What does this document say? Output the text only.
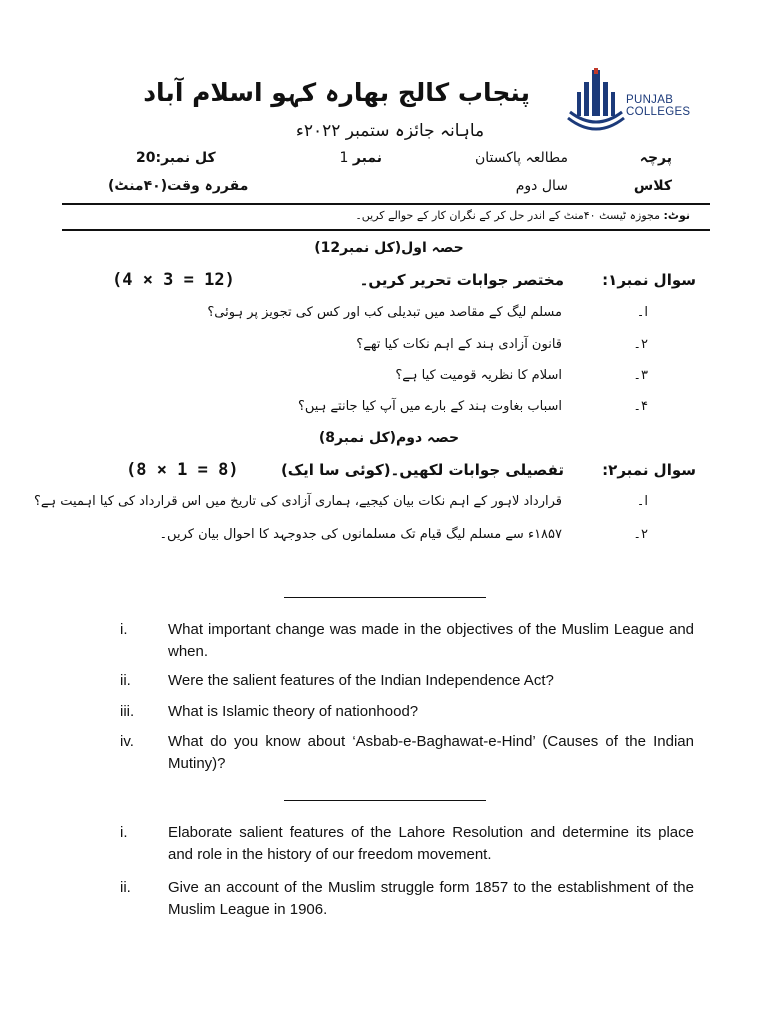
پنجاب کالج بھارہ کہو اسلام آباد
ماہانہ جائزہ ستمبر ۲۰۲۲ء
PUNJAB
COLLEGES
پرچہ
مطالعہ پاکستان
نمبر 1
کل نمبر:20
کلاس
سال دوم
مقررہ وقت(۴۰منٹ)
نوٹ: مجوزہ ٹیسٹ ۴۰منٹ کے اندر حل کر کے نگران کار کے حوالے کریں۔
حصہ اول(کل نمبر12)
سوال نمبر۱:
مختصر جوابات تحریر کریں۔
(4 × 3 = 12)
ا۔
مسلم لیگ کے مقاصد میں تبدیلی کب اور کس کی تجویز پر ہوئی؟
۲۔
قانون آزادی ہند کے اہم نکات کیا تھے؟
۳۔
اسلام کا نظریہ قومیت کیا ہے؟
۴۔
اسباب بغاوت ہند کے بارے میں آپ کیا جانتے ہیں؟
حصہ دوم(کل نمبر8)
سوال نمبر۲:
تفصیلی جوابات لکھیں۔(کوئی سا ایک)
(8 × 1 = 8)
ا۔
قرارداد لاہور کے اہم نکات بیان کیجیے، ہماری آزادی کی تاریخ میں اس قرارداد کی کیا اہمیت ہے؟
۲۔
۱۸۵۷ء سے مسلم لیگ قیام تک مسلمانوں کی جدوجہد کا احوال بیان کریں۔
i.	What important change was made in the objectives of the Muslim League and when.
ii.	Were the salient features of the Indian Independence Act?
iii.	What is Islamic theory of nationhood?
iv.	What do you know about ‘Asbab-e-Baghawat-e-Hind’ (Causes of the Indian Mutiny)?
i.	Elaborate salient features of the Lahore Resolution and determine its place and role in the history of our freedom movement.
ii.	Give an account of the Muslim struggle form 1857 to the establishment of the Muslim League in 1906.
